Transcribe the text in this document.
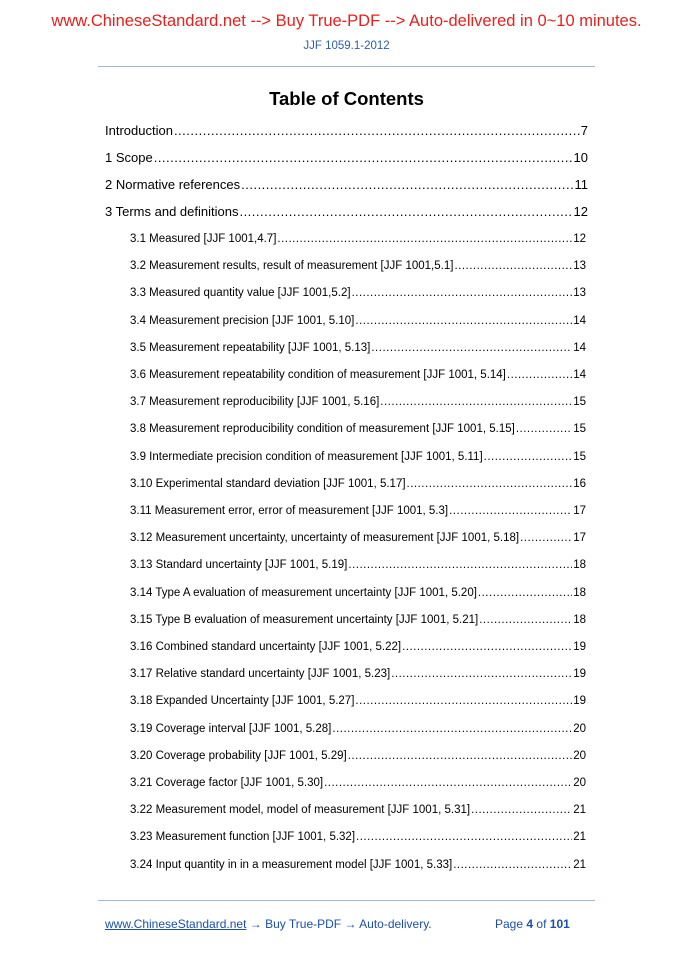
www.ChineseStandard.net --> Buy True-PDF --> Auto-delivered in 0~10 minutes.
JJF 1059.1-2012
Table of Contents
Introduction .....	7
1 Scope .....	10
2 Normative references .....	11
3 Terms and definitions .....	12
3.1 Measured [JJF 1001,4.7] .....	12
3.2 Measurement results, result of measurement [JJF 1001,5.1] .....	13
3.3 Measured quantity value [JJF 1001,5.2] .....	13
3.4 Measurement precision [JJF 1001, 5.10] .....	14
3.5 Measurement repeatability [JJF 1001, 5.13] .....	14
3.6 Measurement repeatability condition of measurement [JJF 1001, 5.14] .....	14
3.7 Measurement reproducibility [JJF 1001, 5.16] .....	15
3.8 Measurement reproducibility condition of measurement [JJF 1001, 5.15] .....	15
3.9 Intermediate precision condition of measurement [JJF 1001, 5.11] .....	15
3.10 Experimental standard deviation [JJF 1001, 5.17] .....	16
3.11 Measurement error, error of measurement [JJF 1001, 5.3] .....	17
3.12 Measurement uncertainty, uncertainty of measurement [JJF 1001, 5.18] .....	17
3.13 Standard uncertainty [JJF 1001, 5.19] .....	18
3.14 Type A evaluation of measurement uncertainty [JJF 1001, 5.20] .....	18
3.15 Type B evaluation of measurement uncertainty [JJF 1001, 5.21] .....	18
3.16 Combined standard uncertainty [JJF 1001, 5.22] .....	19
3.17 Relative standard uncertainty [JJF 1001, 5.23] .....	19
3.18 Expanded Uncertainty [JJF 1001, 5.27] .....	19
3.19 Coverage interval [JJF 1001, 5.28] .....	20
3.20 Coverage probability [JJF 1001, 5.29] .....	20
3.21 Coverage factor [JJF 1001, 5.30] .....	20
3.22 Measurement model, model of measurement [JJF 1001, 5.31] .....	21
3.23 Measurement function [JJF 1001, 5.32] .....	21
3.24 Input quantity in in a measurement model [JJF 1001, 5.33] .....	21
www.ChineseStandard.net → Buy True-PDF → Auto-delivery.	Page 4 of 101
